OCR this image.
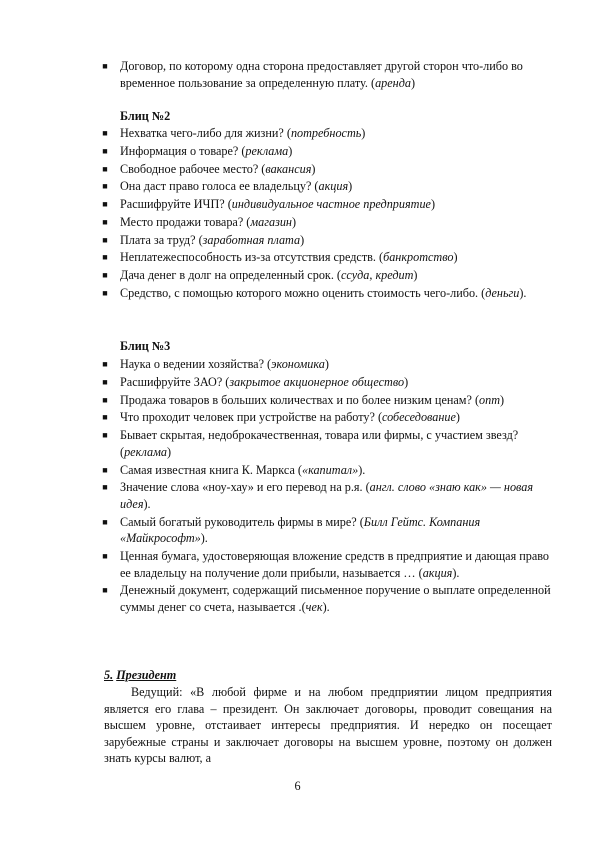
■ Договор, по которому одна сторона предоставляет другой сторон что-либо во временное пользование за определенную плату. (аренда)
Блиц №2
■ Нехватка чего-либо для жизни? (потребность)
■ Информация о товаре? (реклама)
■ Свободное рабочее место? (вакансия)
■ Она даст право голоса ее владельцу? (акция)
■ Расшифруйте ИЧП? (индивидуальное частное предприятие)
■ Место продажи товара? (магазин)
■ Плата за труд? (заработная плата)
■ Неплатежеспособность из-за отсутствия средств. (банкротство)
■ Дача денег в долг на определенный срок. (ссуда, кредит)
■ Средство, с помощью которого можно оценить стоимость чего-либо. (деньги).
Блиц №3
■ Наука о ведении хозяйства? (экономика)
■ Расшифруйте ЗАО? (закрытое акционерное общество)
■ Продажа товаров в больших количествах и по более низким ценам? (опт)
■ Что проходит человек при устройстве на работу? (собеседование)
■ Бывает скрытая, недоброкачественная, товара или фирмы, с участием звезд? (реклама)
■ Самая известная книга К. Маркса («капитал»).
■ Значение слова «ноу-хау» и его перевод на р.я. (англ. слово «знаю как» — новая идея).
■ Самый богатый руководитель фирмы в мире? (Билл Гейтс. Компания «Майкрософт»).
■ Ценная бумага, удостоверяющая вложение средств в предприятие и дающая право ее владельцу на получение доли прибыли, называется … (акция).
■ Денежный документ, содержащий письменное поручение о выплате определенной суммы денег со счета, называется .(чек).
5. Президент
Ведущий: «В любой фирме и на любом предприятии лицом предприятия является его глава – президент. Он заключает договоры, проводит совещания на высшем уровне, отстаивает интересы предприятия. И нередко он посещает зарубежные страны и заключает договоры на высшем уровне, поэтому он должен знать курсы валют, а
6
